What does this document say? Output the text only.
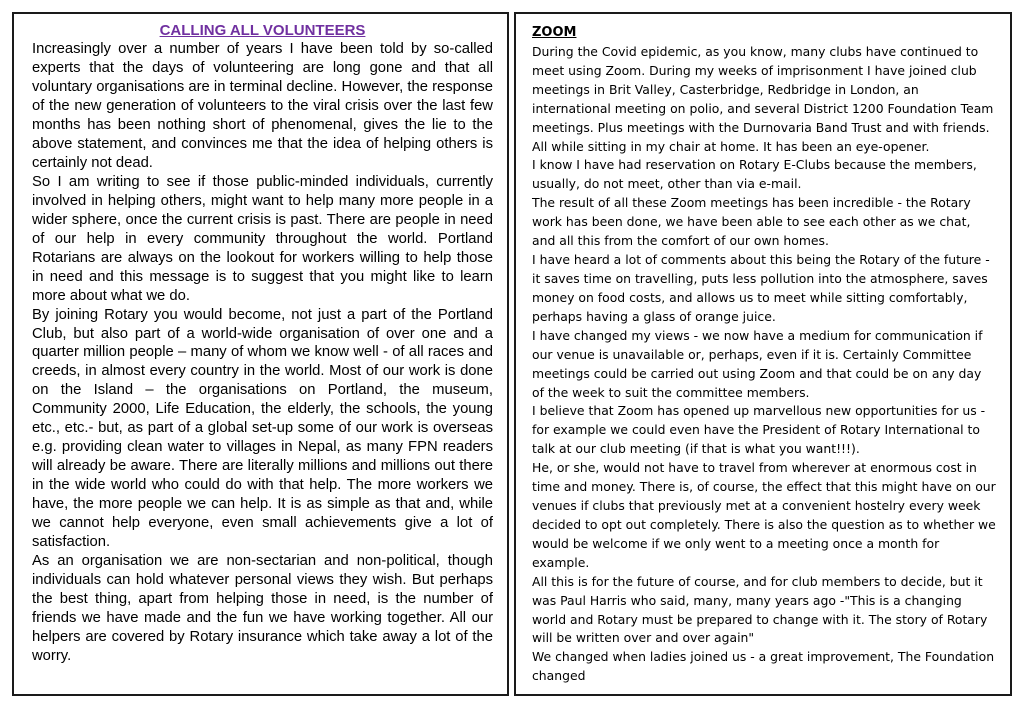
CALLING ALL VOLUNTEERS

Increasingly over a number of years I have been told by so-called experts that the days of volunteering are long gone and that all voluntary organisations are in terminal decline. However, the response of the new generation of volunteers to the viral crisis over the last few months has been nothing short of phenomenal, gives the lie to the above statement, and convinces me that the idea of helping others is certainly not dead.

So I am writing to see if those public-minded individuals, currently involved in helping others, might want to help many more people in a wider sphere, once the current crisis is past. There are people in need of our help in every community throughout the world. Portland Rotarians are always on the lookout for workers willing to help those in need and this message is to suggest that you might like to learn more about what we do.

By joining Rotary you would become, not just a part of the Portland Club, but also part of a world-wide organisation of over one and a quarter million people – many of whom we know well - of all races and creeds, in almost every country in the world. Most of our work is done on the Island – the organisations on Portland, the museum, Community 2000, Life Education, the elderly, the schools, the young etc., etc.- but, as part of a global set-up some of our work is overseas e.g. providing clean water to villages in Nepal, as many FPN readers will already be aware. There are literally millions and millions out there in the wide world who could do with that help. The more workers we have, the more people we can help. It is as simple as that and, while we cannot help everyone, even small achievements give a lot of satisfaction.

As an organisation we are non-sectarian and non-political, though individuals can hold whatever personal views they wish. But perhaps the best thing, apart from helping those in need, is the number of friends we have made and the fun we have working together. All our helpers are covered by Rotary insurance which take away a lot of the worry.

ZOOM

During the Covid epidemic, as you know, many clubs have continued to meet using Zoom. During my weeks of imprisonment I have joined club meetings in Brit Valley, Casterbridge, Redbridge in London, an international meeting on polio, and several District 1200 Foundation Team meetings. Plus meetings with the Durnovaria Band Trust and with friends. All while sitting in my chair at home. It has been an eye-opener.

I know I have had reservation on Rotary E-Clubs because the members, usually, do not meet, other than via e-mail.

The result of all these Zoom meetings has been incredible - the Rotary work has been done, we have been able to see each other as we chat, and all this from the comfort of our own homes.

I have heard a lot of comments about this being the Rotary of the future - it saves time on travelling, puts less pollution into the atmosphere, saves money on food costs, and allows us to meet while sitting comfortably, perhaps having a glass of orange juice.

I have changed my views - we now have a medium for communication if our venue is unavailable or, perhaps, even if it is. Certainly Committee meetings could be carried out using Zoom and that could be on any day of the week to suit the committee members.

I believe that Zoom has opened up marvellous new opportunities for us - for example we could even have the President of Rotary International to talk at our club meeting (if that is what you want!!!).

He, or she, would not have to travel from wherever at enormous cost in time and money. There is, of course, the effect that this might have on our venues if clubs that previously met at a convenient hostelry every week decided to opt out completely. There is also the question as to whether we would be welcome if we only went to a meeting once a month for example.

All this is for the future of course, and for club members to decide, but it was Paul Harris who said, many, many years ago -"This is a changing world and Rotary must be prepared to change with it. The story of Rotary will be written over and over again"

We changed when ladies joined us - a great improvement, The Foundation changed
